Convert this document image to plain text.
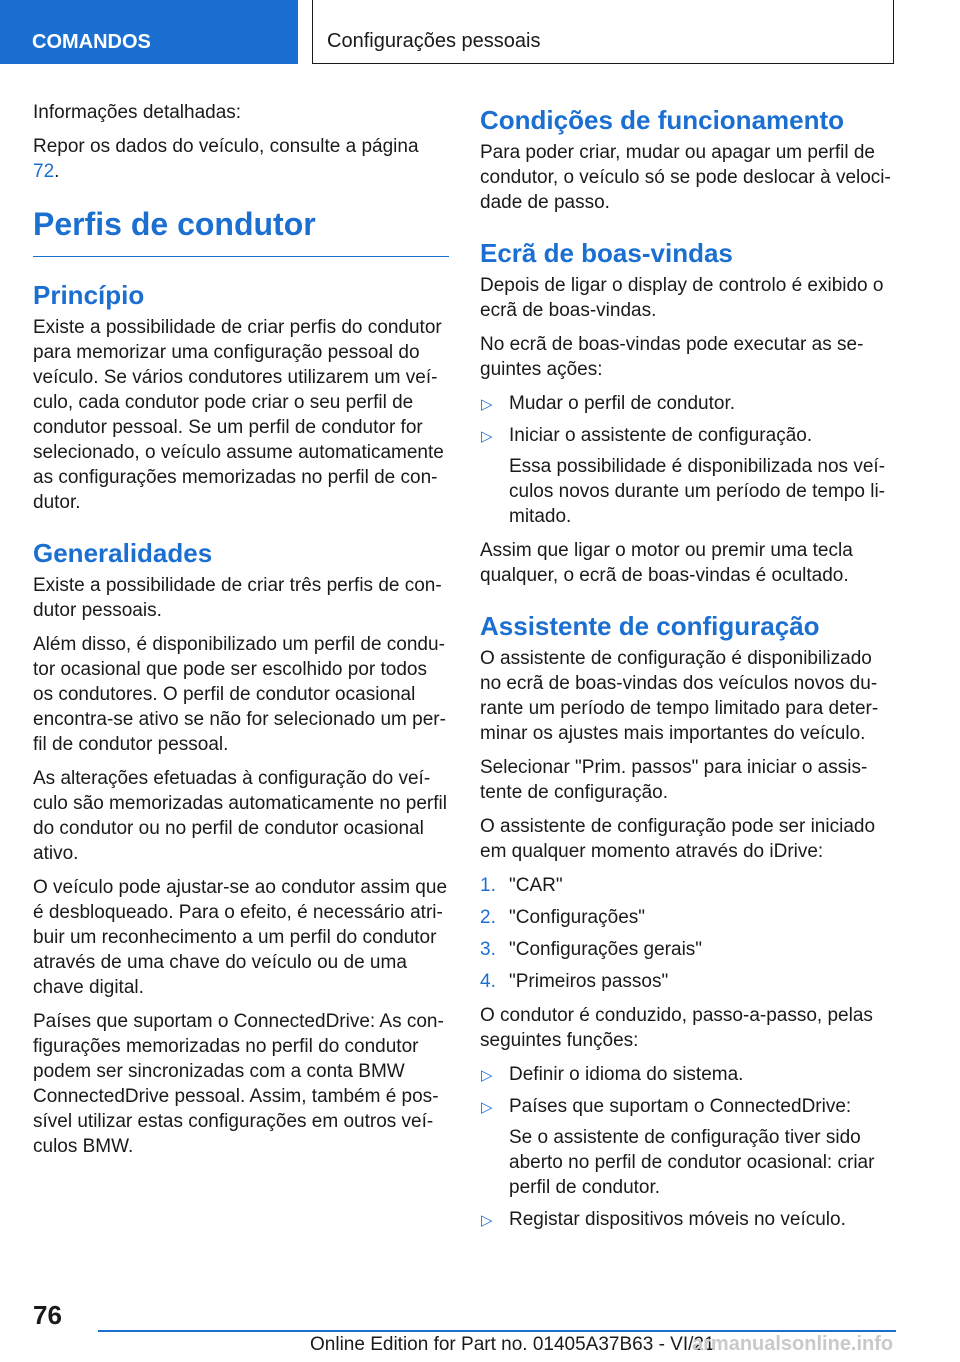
COMANDOS	Configurações pessoais

Informações detalhadas:

Repor os dados do veículo, consulte a página 72.

Perfis de condutor
Princípio

Existe a possibilidade de criar perfis do condutor para memorizar uma configuração pessoal do veículo. Se vários condutores utilizarem um veículo, cada condutor pode criar o seu perfil de condutor pessoal. Se um perfil de condutor for selecionado, o veículo assume automaticamente as configurações memorizadas no perfil de condutor.

Generalidades

Existe a possibilidade de criar três perfis de condutor pessoais.

Além disso, é disponibilizado um perfil de condutor ocasional que pode ser escolhido por todos os condutores. O perfil de condutor ocasional encontra-se ativo se não for selecionado um perfil de condutor pessoal.

As alterações efetuadas à configuração do veículo são memorizadas automaticamente no perfil do condutor ou no perfil de condutor ocasional ativo.

O veículo pode ajustar-se ao condutor assim que é desbloqueado. Para o efeito, é necessário atribuir um reconhecimento a um perfil do condutor através de uma chave do veículo ou de uma chave digital.

Países que suportam o ConnectedDrive: As configurações memorizadas no perfil do condutor podem ser sincronizadas com a conta BMW ConnectedDrive pessoal. Assim, também é possível utilizar estas configurações em outros veículos BMW.

Condições de funcionamento

Para poder criar, mudar ou apagar um perfil de condutor, o veículo só se pode deslocar à velocidade de passo.

Ecrã de boas-vindas

Depois de ligar o display de controlo é exibido o ecrã de boas-vindas.

No ecrã de boas-vindas pode executar as seguintes ações:

▷ Mudar o perfil de condutor.
▷ Iniciar o assistente de configuração.

Essa possibilidade é disponibilizada nos veículos novos durante um período de tempo limitado.

Assim que ligar o motor ou premir uma tecla qualquer, o ecrã de boas-vindas é ocultado.

Assistente de configuração

O assistente de configuração é disponibilizado no ecrã de boas-vindas dos veículos novos durante um período de tempo limitado para determinar os ajustes mais importantes do veículo.

Selecionar "Prim. passos" para iniciar o assistente de configuração.

O assistente de configuração pode ser iniciado em qualquer momento através do iDrive:

1. "CAR"
2. "Configurações"
3. "Configurações gerais"
4. "Primeiros passos"

O condutor é conduzido, passo-a-passo, pelas seguintes funções:

▷ Definir o idioma do sistema.
▷ Países que suportam o ConnectedDrive:

Se o assistente de configuração tiver sido aberto no perfil de condutor ocasional: criar perfil de condutor.

▷ Registar dispositivos móveis no veículo.
76
Online Edition for Part no. 01405A37B63 - VI/21
armanualsonline.info
